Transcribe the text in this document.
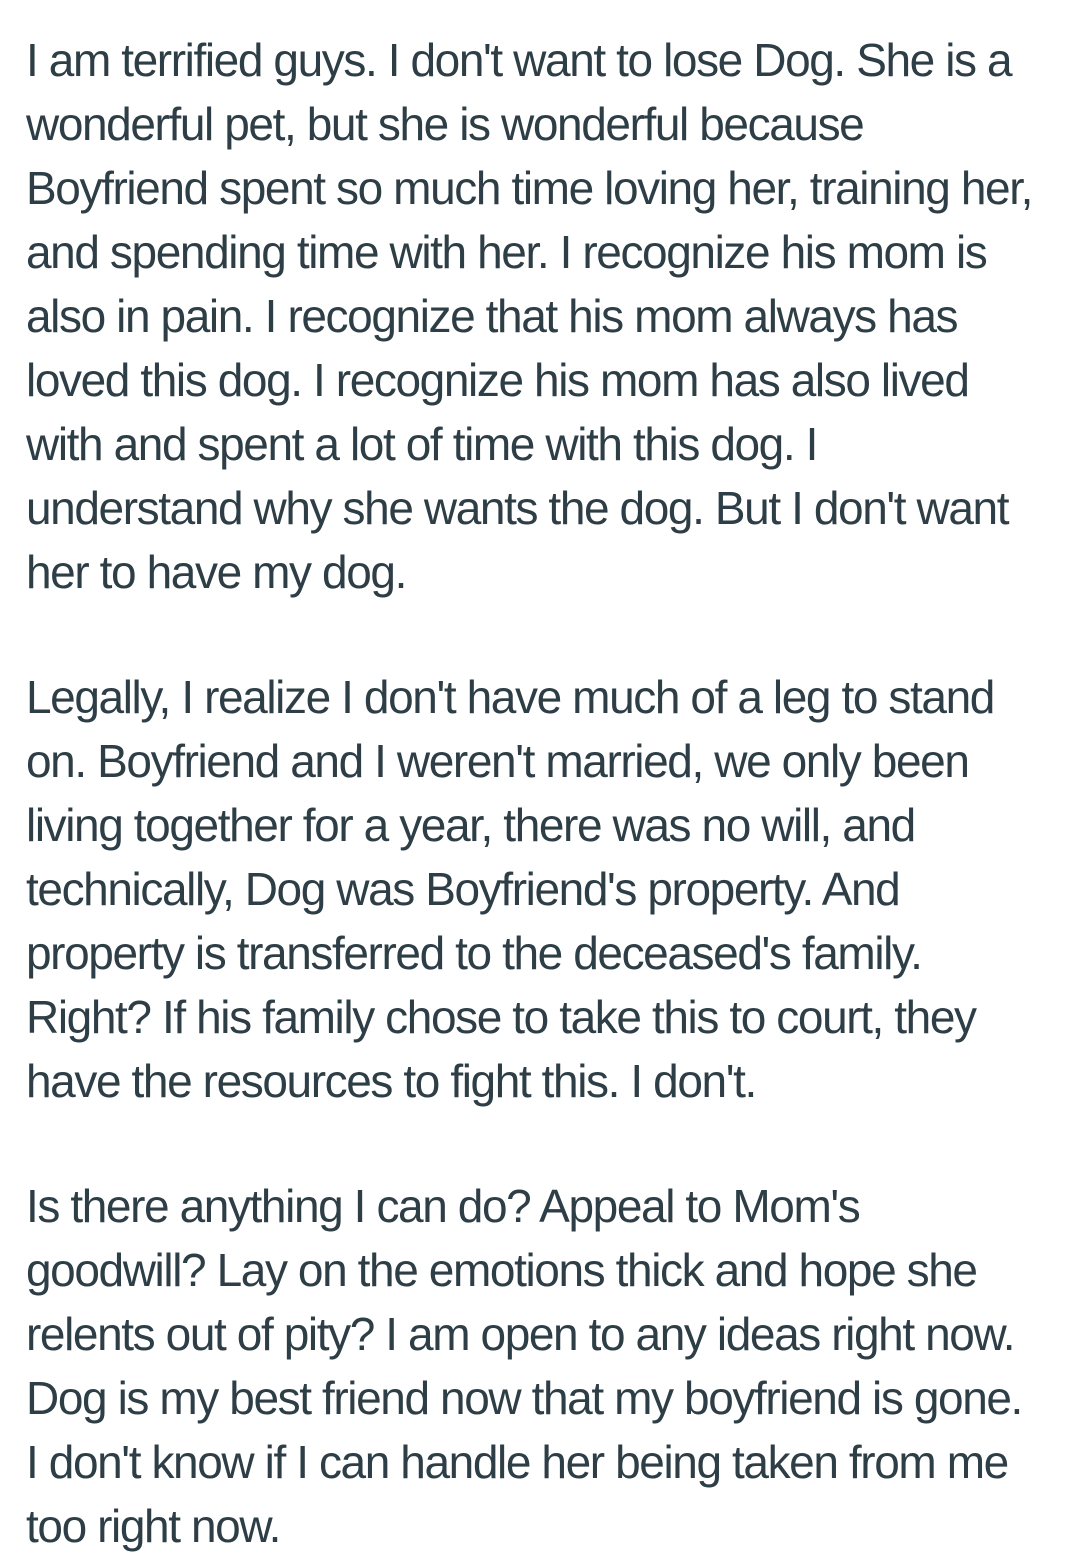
I am terrified guys. I don't want to lose Dog. She is a
wonderful pet, but she is wonderful because
Boyfriend spent so much time loving her, training her,
and spending time with her. I recognize his mom is
also in pain. I recognize that his mom always has
loved this dog. I recognize his mom has also lived
with and spent a lot of time with this dog. I
understand why she wants the dog. But I don't want
her to have my dog.

Legally, I realize I don't have much of a leg to stand
on. Boyfriend and I weren't married, we only been
living together for a year, there was no will, and
technically, Dog was Boyfriend's property. And
property is transferred to the deceased's family.
Right? If his family chose to take this to court, they
have the resources to fight this. I don't.

Is there anything I can do? Appeal to Mom's
goodwill? Lay on the emotions thick and hope she
relents out of pity? I am open to any ideas right now.
Dog is my best friend now that my boyfriend is gone.
I don't know if I can handle her being taken from me
too right now.
